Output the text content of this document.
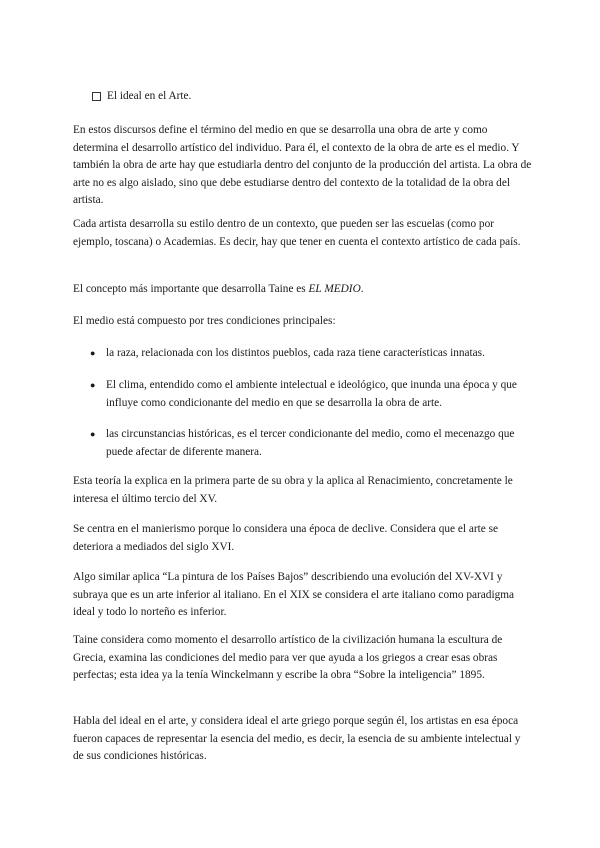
El ideal en el Arte.

En estos discursos define el término del medio en que se desarrolla una obra de arte y como determina el desarrollo artístico del individuo. Para él, el contexto de la obra de arte es el medio. Y también la obra de arte hay que estudiarla dentro del conjunto de la producción del artista. La obra de arte no es algo aislado, sino que debe estudiarse dentro del contexto de la totalidad de la obra del artista.

Cada artista desarrolla su estilo dentro de un contexto, que pueden ser las escuelas (como por ejemplo, toscana) o Academias. Es decir, hay que tener en cuenta el contexto artístico de cada país.

El concepto más importante que desarrolla Taine es EL MEDIO.

El medio está compuesto por tres condiciones principales:

● la raza, relacionada con los distintos pueblos, cada raza tiene características innatas.
● El clima, entendido como el ambiente intelectual e ideológico, que inunda una época y que influye como condicionante del medio en que se desarrolla la obra de arte.
● las circunstancias históricas, es el tercer condicionante del medio, como el mecenazgo que puede afectar de diferente manera.

Esta teoría la explica en la primera parte de su obra y la aplica al Renacimiento, concretamente le interesa el último tercio del XV.

Se centra en el manierismo porque lo considera una época de declive. Considera que el arte se deteriora a mediados del siglo XVI.

Algo similar aplica “La pintura de los Países Bajos” describiendo una evolución del XV-XVI y subraya que es un arte inferior al italiano. En el XIX se considera el arte italiano como paradigma ideal y todo lo norteño es inferior.

Taine considera como momento el desarrollo artístico de la civilización humana la escultura de Grecia, examina las condiciones del medio para ver que ayuda a los griegos a crear esas obras perfectas; esta idea ya la tenía Winckelmann y escribe la obra “Sobre la inteligencia” 1895.

Habla del ideal en el arte, y considera ideal el arte griego porque según él, los artistas en esa época fueron capaces de representar la esencia del medio, es decir, la esencia de su ambiente intelectual y de sus condiciones históricas.
